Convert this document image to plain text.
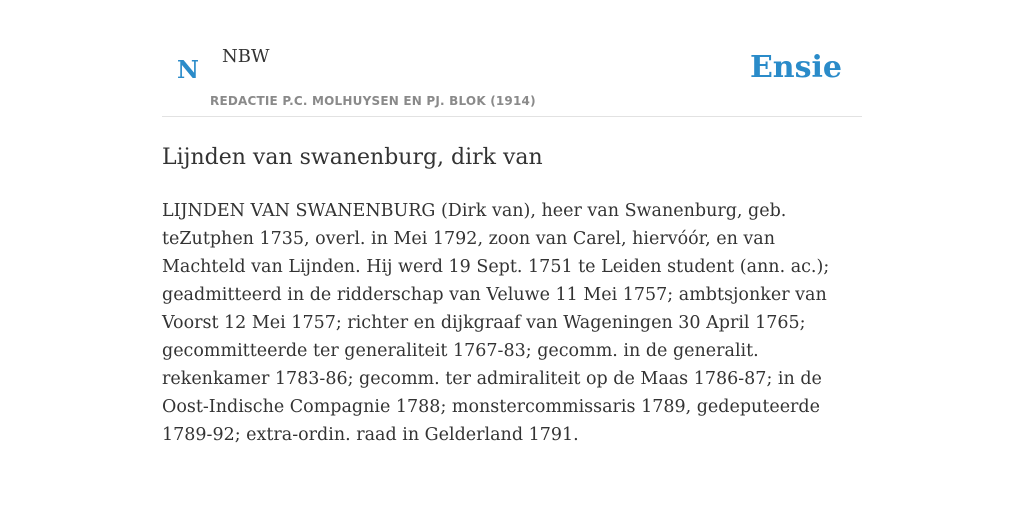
N NBW
REDACTIE P.C. MOLHUYSEN EN PJ. BLOK (1914)
Ensie
Lijnden van swanenburg, dirk van

LIJNDEN VAN SWANENBURG (Dirk van), heer van Swanenburg, geb. teZutphen 1735, overl. in Mei 1792, zoon van Carel, hiervóór, en van Machteld van Lijnden. Hij werd 19 Sept. 1751 te Leiden student (ann. ac.); geadmitteerd in de ridderschap van Veluwe 11 Mei 1757; ambtsjonker van Voorst 12 Mei 1757; richter en dijkgraaf van Wageningen 30 April 1765; gecommitteerde ter generaliteit 1767-83; gecomm. in de generalit. rekenkamer 1783-86; gecomm. ter admiraliteit op de Maas 1786-87; in de Oost-Indische Compagnie 1788; monstercommissaris 1789, gedeputeerde 1789-92; extra-ordin. raad in Gelderland 1791.
